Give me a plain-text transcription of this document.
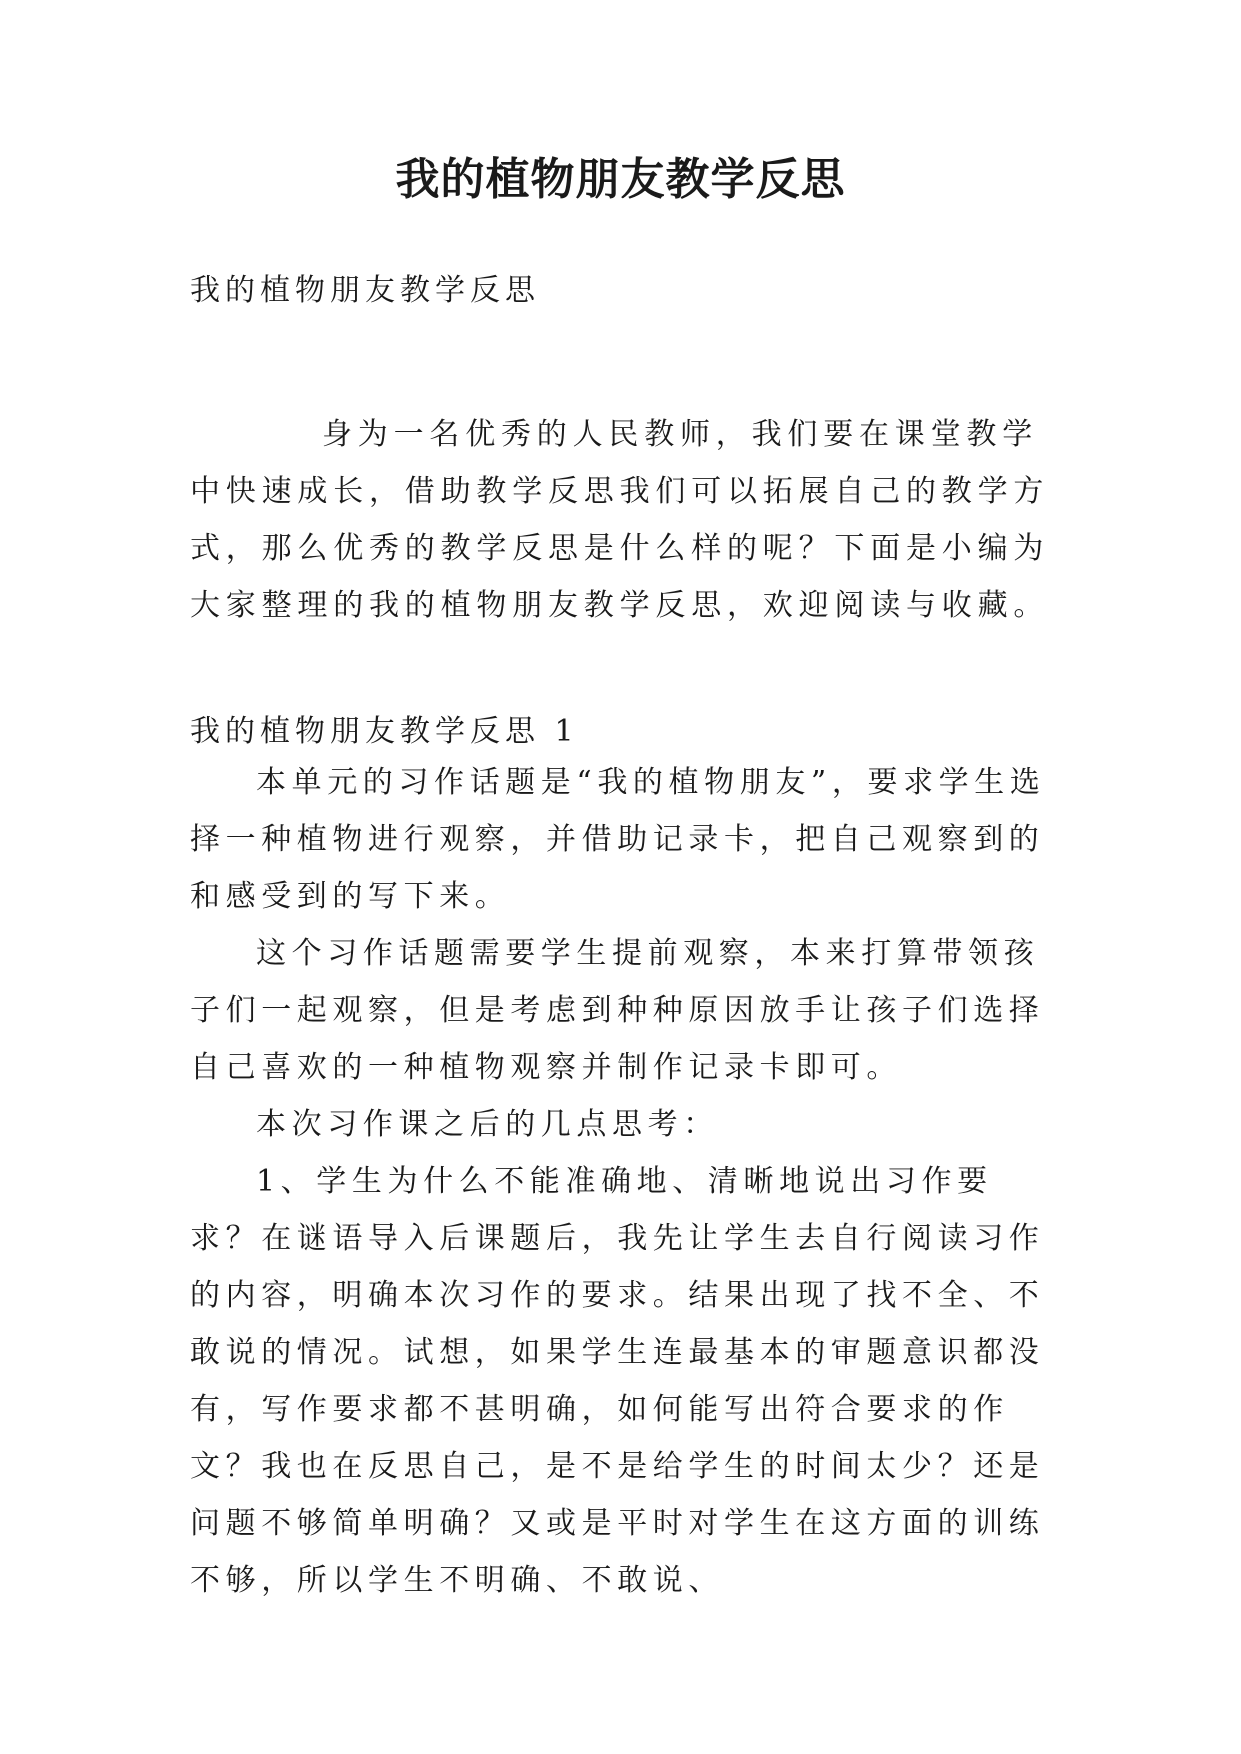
我的植物朋友教学反思

我的植物朋友教学反思

身为一名优秀的人民教师，我们要在课堂教学中快速成长，借助教学反思我们可以拓展自己的教学方式，那么优秀的教学反思是什么样的呢？下面是小编为大家整理的我的植物朋友教学反思，欢迎阅读与收藏。

我的植物朋友教学反思 1

本单元的习作话题是“我的植物朋友”，要求学生选择一种植物进行观察，并借助记录卡，把自己观察到的和感受到的写下来。

这个习作话题需要学生提前观察，本来打算带领孩子们一起观察，但是考虑到种种原因放手让孩子们选择自己喜欢的一种植物观察并制作记录卡即可。

本次习作课之后的几点思考：

1、学生为什么不能准确地、清晰地说出习作要求？在谜语导入后课题后，我先让学生去自行阅读习作的内容，明确本次习作的要求。结果出现了找不全、不敢说的情况。试想，如果学生连最基本的审题意识都没有，写作要求都不甚明确，如何能写出符合要求的作文？我也在反思自己，是不是给学生的时间太少？还是问题不够简单明确？又或是平时对学生在这方面的训练不够，所以学生不明确、不敢说、
